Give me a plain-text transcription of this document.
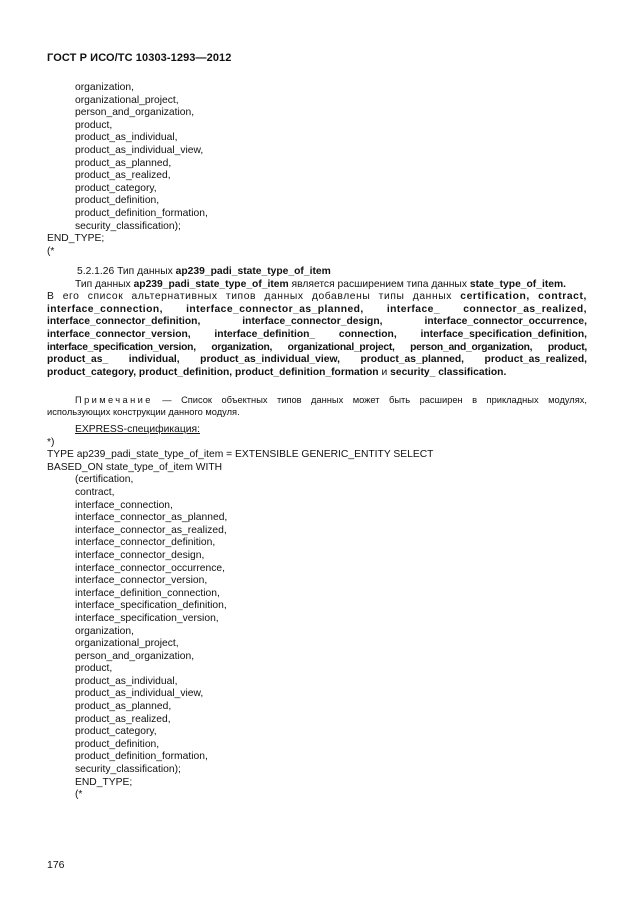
ГОСТ Р ИСО/ТС 10303-1293—2012
organization,
organizational_project,
person_and_organization,
product,
product_as_individual,
product_as_individual_view,
product_as_planned,
product_as_realized,
product_category,
product_definition,
product_definition_formation,
security_classification);
END_TYPE;
(*
5.2.1.26 Тип данных ap239_padi_state_type_of_item
Тип данных ap239_padi_state_type_of_item является расширением типа данных state_type_of_item.
В его список альтернативных типов данных добавлены типы данных certification, contract,
interface_connection, interface_connector_as_planned, interface_ connector_as_realized,
interface_connector_definition, interface_connector_design, interface_connector_occurrence,
interface_connector_version, interface_definition_ connection, interface_specification_definition,
interface_specification_version, organization, organizational_project, person_and_organization, product,
product_as_ individual, product_as_individual_view, product_as_planned, product_as_realized,
product_category, product_definition, product_definition_formation и security_ classification.
Примечание — Список объектных типов данных может быть расширен в прикладных модулях,
использующих конструкции данного модуля.
EXPRESS-спецификация:
*)
TYPE ap239_padi_state_type_of_item = EXTENSIBLE GENERIC_ENTITY SELECT
BASED_ON state_type_of_item WITH
(certification,
contract,
interface_connection,
interface_connector_as_planned,
interface_connector_as_realized,
interface_connector_definition,
interface_connector_design,
interface_connector_occurrence,
interface_connector_version,
interface_definition_connection,
interface_specification_definition,
interface_specification_version,
organization,
organizational_project,
person_and_organization,
product,
product_as_individual,
product_as_individual_view,
product_as_planned,
product_as_realized,
product_category,
product_definition,
product_definition_formation,
security_classification);
END_TYPE;
(*
176
